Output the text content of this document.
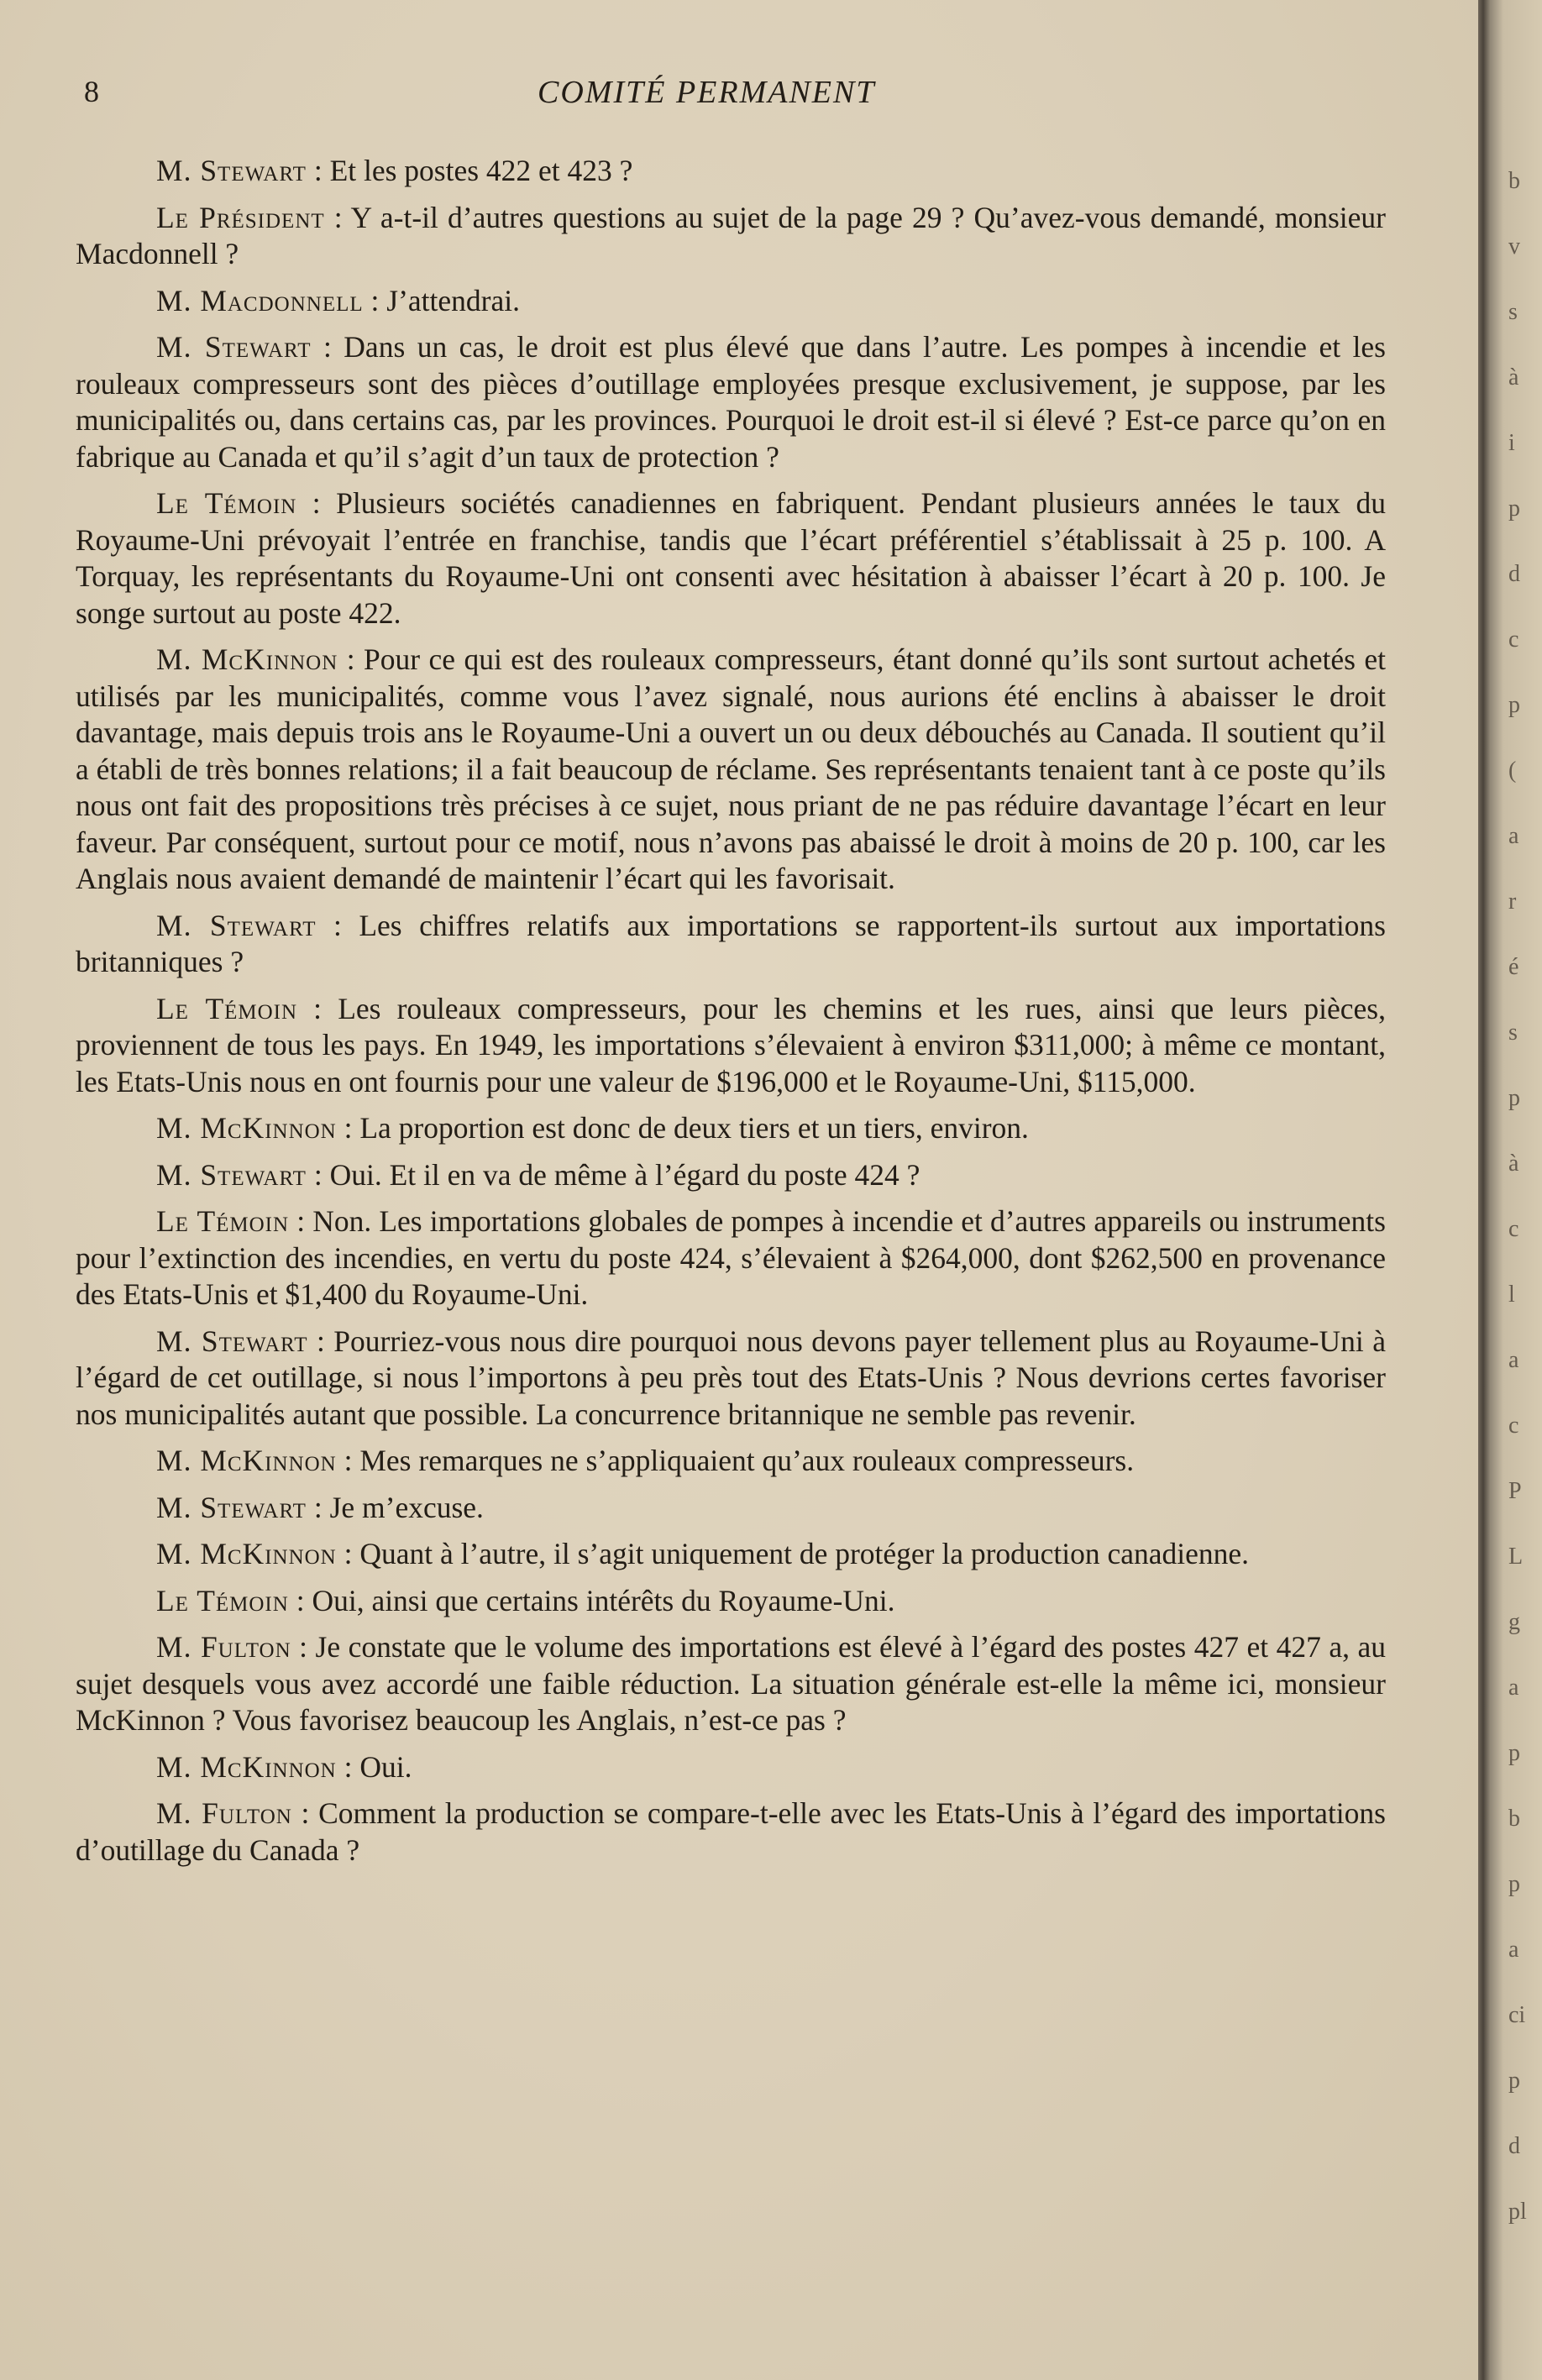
8	COMITÉ PERMANENT

M. Stewart : Et les postes 422 et 423 ?

Le Président : Y a-t-il d’autres questions au sujet de la page 29 ? Qu’avez-vous demandé, monsieur Macdonnell ?

M. Macdonnell : J’attendrai.

M. Stewart : Dans un cas, le droit est plus élevé que dans l’autre. Les pompes à incendie et les rouleaux compresseurs sont des pièces d’outillage employées presque exclusivement, je suppose, par les municipalités ou, dans certains cas, par les provinces. Pourquoi le droit est-il si élevé ? Est-ce parce qu’on en fabrique au Canada et qu’il s’agit d’un taux de protection ?

Le Témoin : Plusieurs sociétés canadiennes en fabriquent. Pendant plusieurs années le taux du Royaume-Uni prévoyait l’entrée en franchise, tandis que l’écart préférentiel s’établissait à 25 p. 100. A Torquay, les représentants du Royaume-Uni ont consenti avec hésitation à abaisser l’écart à 20 p. 100. Je songe surtout au poste 422.

M. McKinnon : Pour ce qui est des rouleaux compresseurs, étant donné qu’ils sont surtout achetés et utilisés par les municipalités, comme vous l’avez signalé, nous aurions été enclins à abaisser le droit davantage, mais depuis trois ans le Royaume-Uni a ouvert un ou deux débouchés au Canada. Il soutient qu’il a établi de très bonnes relations; il a fait beaucoup de réclame. Ses représentants tenaient tant à ce poste qu’ils nous ont fait des propositions très précises à ce sujet, nous priant de ne pas réduire davantage l’écart en leur faveur. Par conséquent, surtout pour ce motif, nous n’avons pas abaissé le droit à moins de 20 p. 100, car les Anglais nous avaient demandé de maintenir l’écart qui les favorisait.

M. Stewart : Les chiffres relatifs aux importations se rapportent-ils surtout aux importations britanniques ?

Le Témoin : Les rouleaux compresseurs, pour les chemins et les rues, ainsi que leurs pièces, proviennent de tous les pays. En 1949, les importations s’élevaient à environ $311,000; à même ce montant, les Etats-Unis nous en ont fournis pour une valeur de $196,000 et le Royaume-Uni, $115,000.

M. McKinnon : La proportion est donc de deux tiers et un tiers, environ.

M. Stewart : Oui. Et il en va de même à l’égard du poste 424 ?

Le Témoin : Non. Les importations globales de pompes à incendie et d’autres appareils ou instruments pour l’extinction des incendies, en vertu du poste 424, s’élevaient à $264,000, dont $262,500 en provenance des Etats-Unis et $1,400 du Royaume-Uni.

M. Stewart : Pourriez-vous nous dire pourquoi nous devons payer tellement plus au Royaume-Uni à l’égard de cet outillage, si nous l’importons à peu près tout des Etats-Unis ? Nous devrions certes favoriser nos municipalités autant que possible. La concurrence britannique ne semble pas revenir.

M. McKinnon : Mes remarques ne s’appliquaient qu’aux rouleaux compresseurs.

M. Stewart : Je m’excuse.

M. McKinnon : Quant à l’autre, il s’agit uniquement de protéger la production canadienne.

Le Témoin : Oui, ainsi que certains intérêts du Royaume-Uni.

M. Fulton : Je constate que le volume des importations est élevé à l’égard des postes 427 et 427 a, au sujet desquels vous avez accordé une faible réduction. La situation générale est-elle la même ici, monsieur McKinnon ? Vous favorisez beaucoup les Anglais, n’est-ce pas ?

M. McKinnon : Oui.

M. Fulton : Comment la production se compare-t-elle avec les Etats-Unis à l’égard des importations d’outillage du Canada ?

b
v
s
à
i
p
d
c
p
(
a
r
é
s
p
à
c
l
a
c
P
L
g
a
p
b
p
a
ci
p
d
pl
